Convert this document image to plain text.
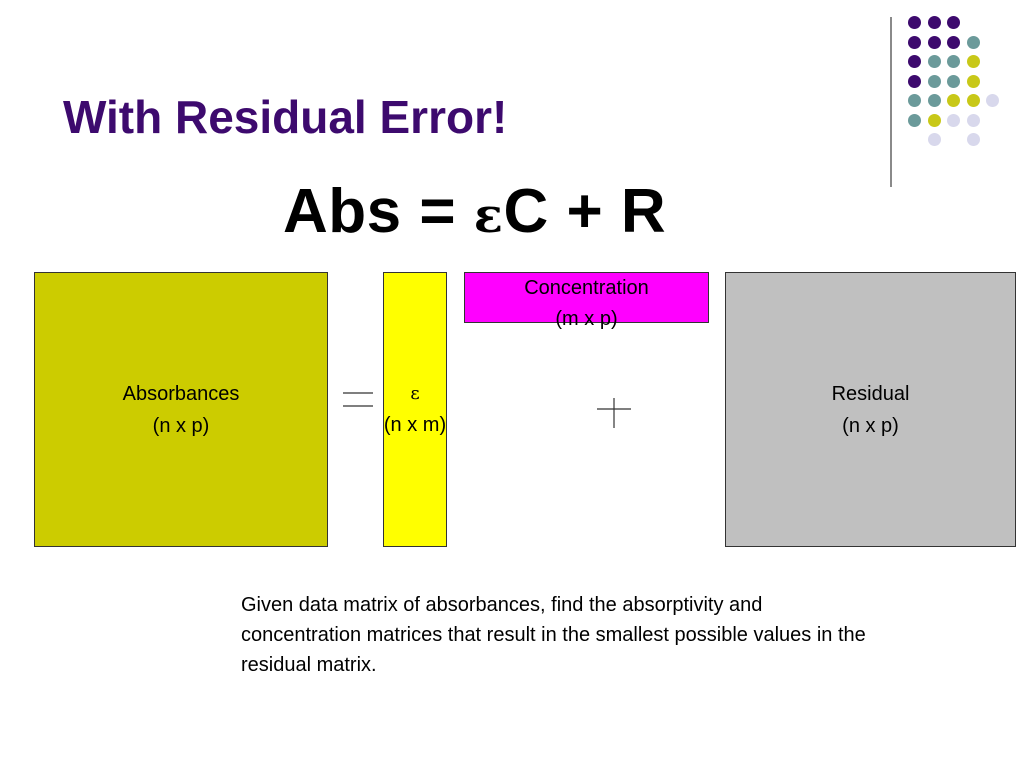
With Residual Error!
Abs = εC + R
Absorbances
(n x p)
ε
(n x m)
Concentration
(m x p)
Residual
(n x p)

Given data matrix of absorbances, find the absorptivity and concentration matrices that result in the smallest possible values in the residual matrix.
